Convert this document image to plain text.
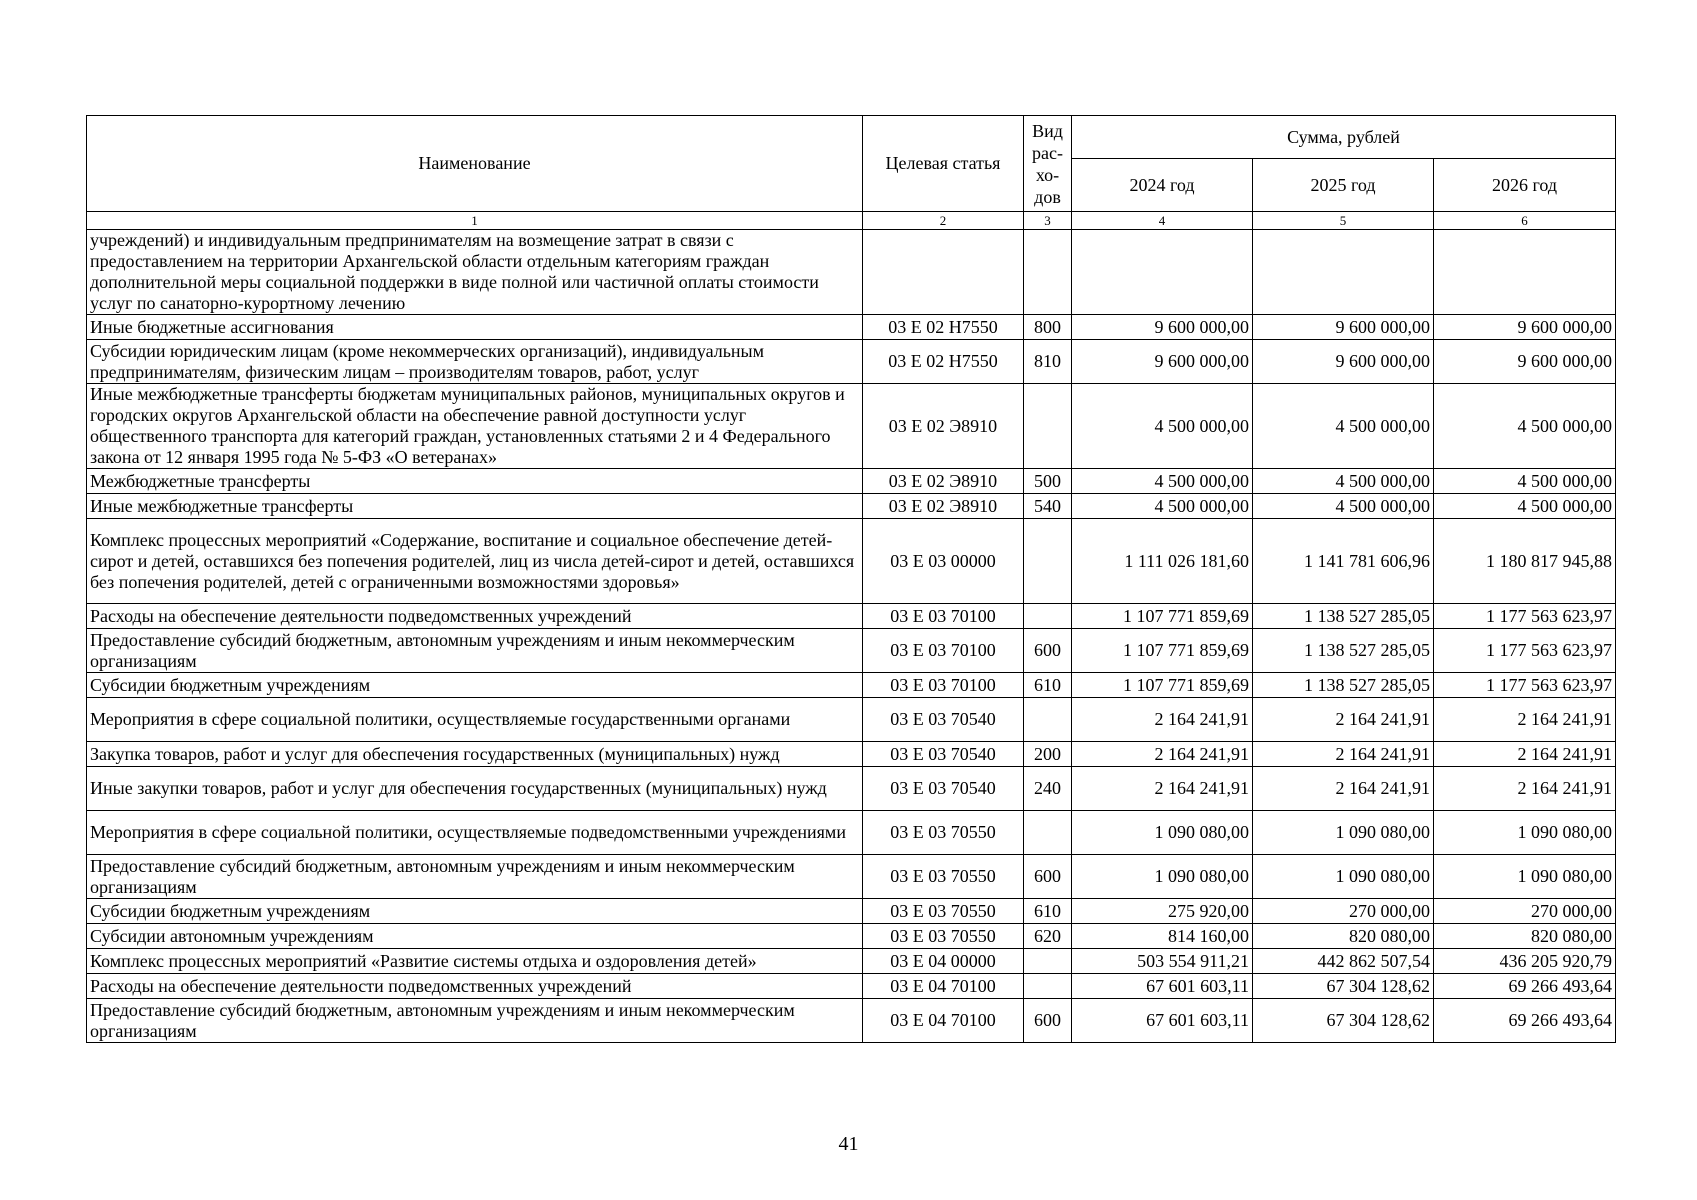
Наименование	Целевая статья	Вид рас-хо-дов	Сумма, рублей		
			2024 год	2025 год	2026 год
1	2	3	4	5	6
учреждений) и индивидуальным предпринимателям на возмещение затрат в связи с предоставлением на территории Архангельской области отдельным категориям граждан дополнительной меры социальной поддержки в виде полной или частичной оплаты стоимости услуг по санаторно-курортному лечению					
Иные бюджетные ассигнования	03 Е 02 Н7550	800	9 600 000,00	9 600 000,00	9 600 000,00
Субсидии юридическим лицам (кроме некоммерческих организаций), индивидуальным предпринимателям, физическим лицам – производителям товаров, работ, услуг	03 Е 02 Н7550	810	9 600 000,00	9 600 000,00	9 600 000,00
Иные межбюджетные трансферты бюджетам муниципальных районов, муниципальных округов и городских округов Архангельской области на обеспечение равной доступности услуг общественного транспорта для категорий граждан, установленных статьями 2 и 4 Федерального закона от 12 января 1995 года № 5-ФЗ «О ветеранах»	03 Е 02 Э8910		4 500 000,00	4 500 000,00	4 500 000,00
Межбюджетные трансферты	03 Е 02 Э8910	500	4 500 000,00	4 500 000,00	4 500 000,00
Иные межбюджетные трансферты	03 Е 02 Э8910	540	4 500 000,00	4 500 000,00	4 500 000,00
Комплекс процессных мероприятий «Содержание, воспитание и социальное обеспечение детей-сирот и детей, оставшихся без попечения родителей, лиц из числа детей-сирот и детей, оставшихся без попечения родителей, детей с ограниченными возможностями здоровья»	03 Е 03 00000		1 111 026 181,60	1 141 781 606,96	1 180 817 945,88
Расходы на обеспечение деятельности подведомственных учреждений	03 Е 03 70100		1 107 771 859,69	1 138 527 285,05	1 177 563 623,97
Предоставление субсидий бюджетным, автономным учреждениям и иным некоммерческим организациям	03 Е 03 70100	600	1 107 771 859,69	1 138 527 285,05	1 177 563 623,97
Субсидии бюджетным учреждениям	03 Е 03 70100	610	1 107 771 859,69	1 138 527 285,05	1 177 563 623,97
Мероприятия в сфере социальной политики, осуществляемые государственными органами	03 Е 03 70540		2 164 241,91	2 164 241,91	2 164 241,91
Закупка товаров, работ и услуг для обеспечения государственных (муниципальных) нужд	03 Е 03 70540	200	2 164 241,91	2 164 241,91	2 164 241,91
Иные закупки товаров, работ и услуг для обеспечения государственных (муниципальных) нужд	03 Е 03 70540	240	2 164 241,91	2 164 241,91	2 164 241,91
Мероприятия в сфере социальной политики, осуществляемые подведомственными учреждениями	03 Е 03 70550		1 090 080,00	1 090 080,00	1 090 080,00
Предоставление субсидий бюджетным, автономным учреждениям и иным некоммерческим организациям	03 Е 03 70550	600	1 090 080,00	1 090 080,00	1 090 080,00
Субсидии бюджетным учреждениям	03 Е 03 70550	610	275 920,00	270 000,00	270 000,00
Субсидии автономным учреждениям	03 Е 03 70550	620	814 160,00	820 080,00	820 080,00
Комплекс процессных мероприятий «Развитие системы отдыха и оздоровления детей»	03 Е 04 00000		503 554 911,21	442 862 507,54	436 205 920,79
Расходы на обеспечение деятельности подведомственных учреждений	03 Е 04 70100		67 601 603,11	67 304 128,62	69 266 493,64
Предоставление субсидий бюджетным, автономным учреждениям и иным некоммерческим организациям	03 Е 04 70100	600	67 601 603,11	67 304 128,62	69 266 493,64
41
